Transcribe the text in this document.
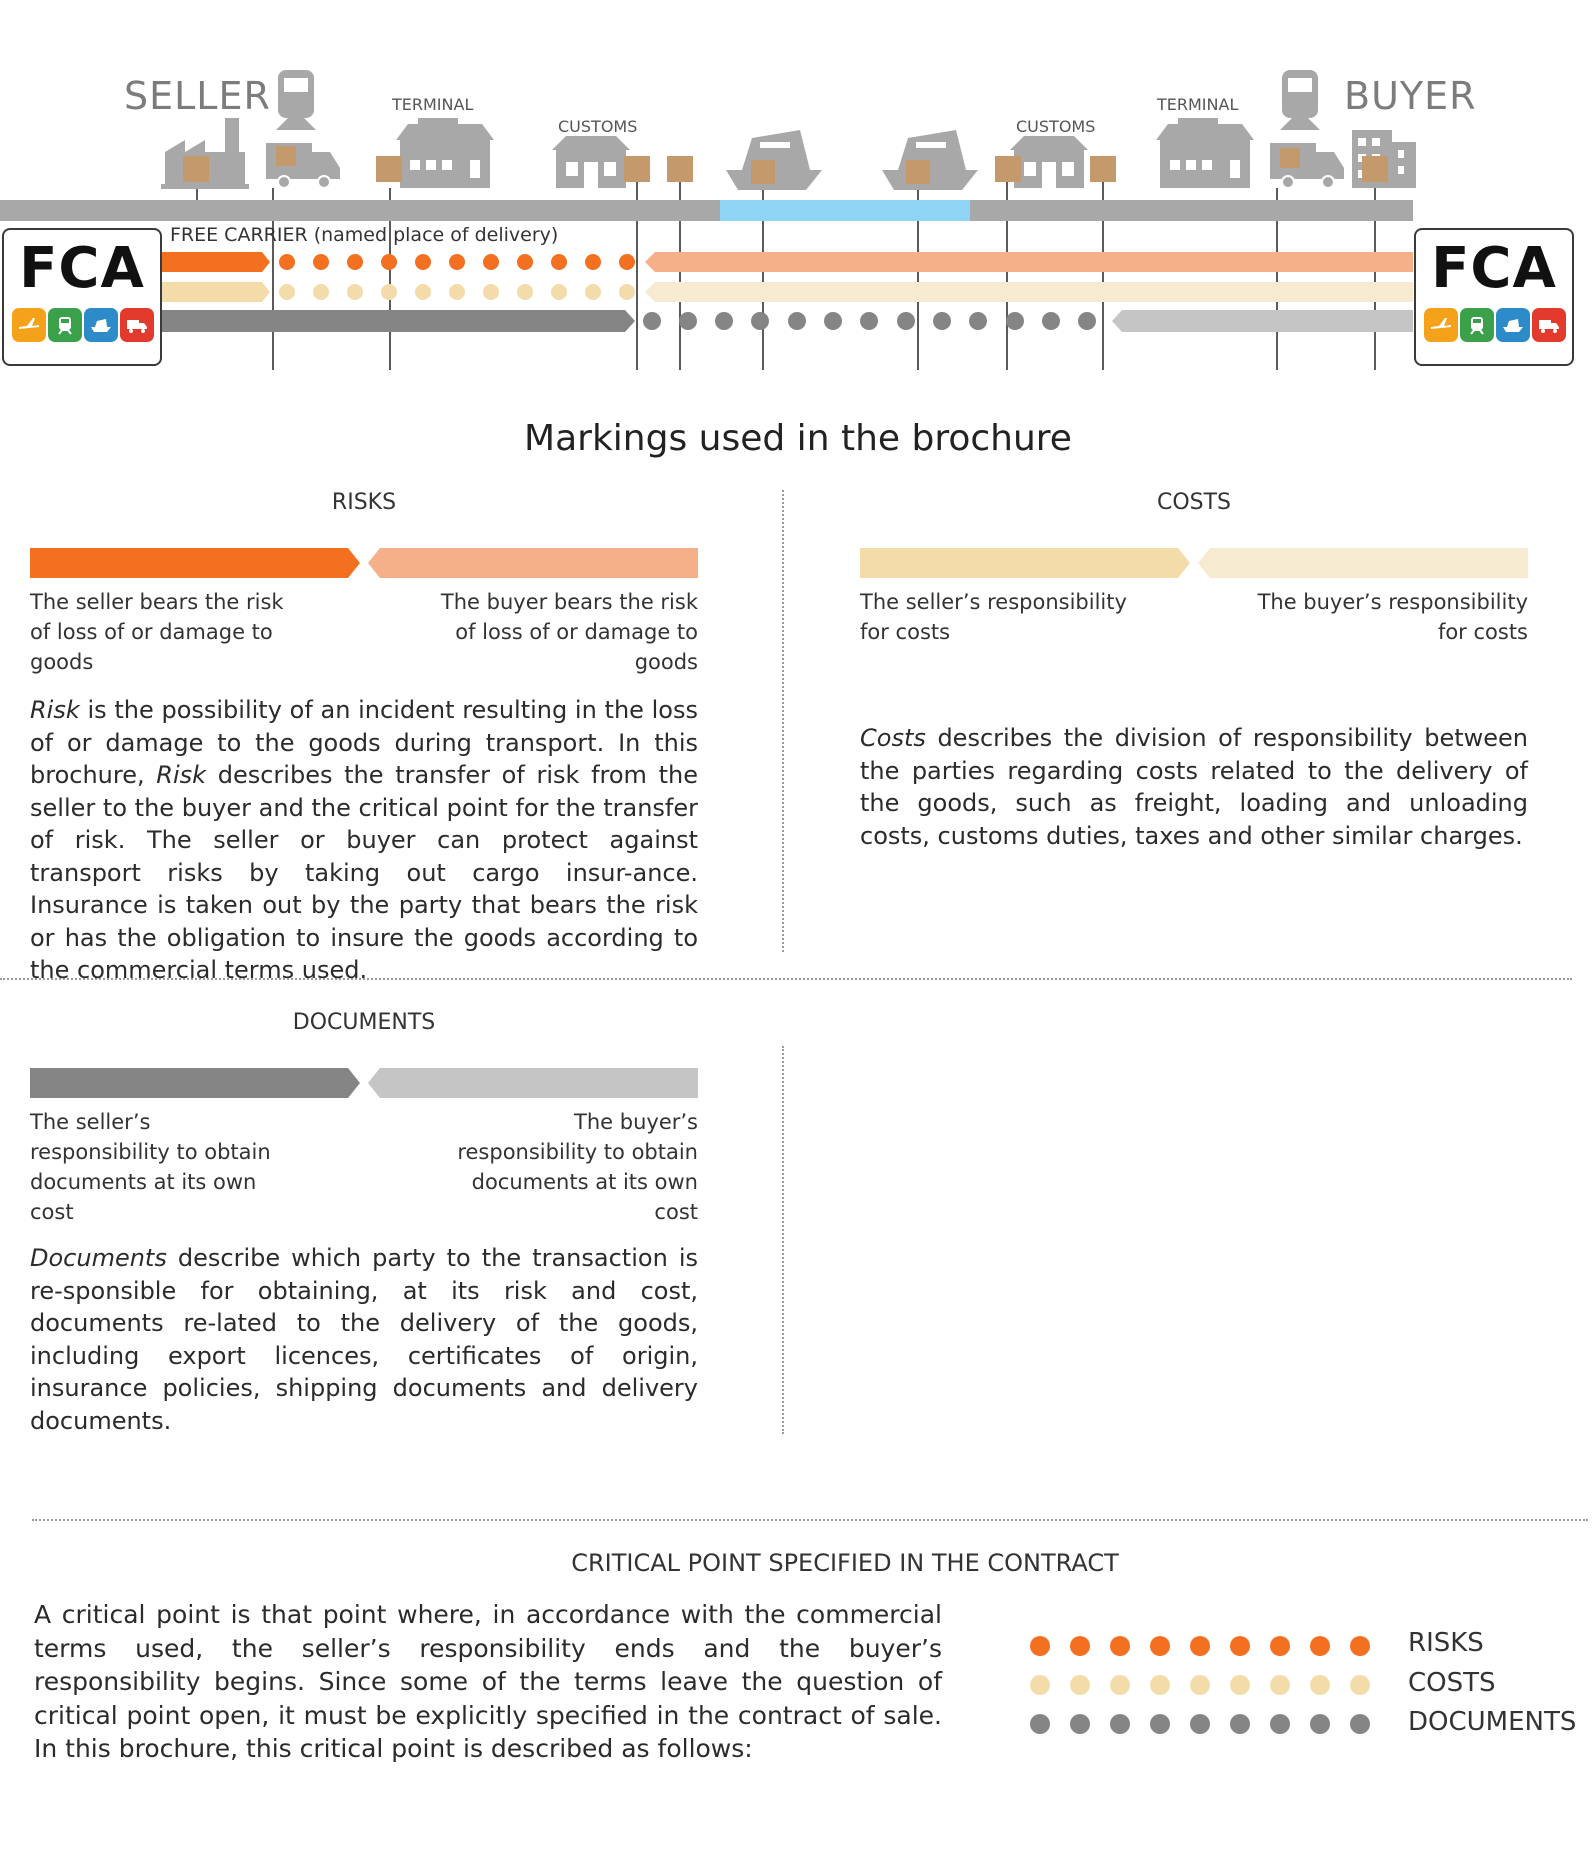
SELLER	BUYER
TERMINAL	TERMINAL
CUSTOMS	CUSTOMS
FREE CARRIER (named place of delivery)
FCA	FCA
Markings used in the brochure
RISKS
The seller bears the risk of loss of or damage to goods
The buyer bears the risk of loss of or damage to goods
Risk is the possibility of an incident resulting in the loss of or damage to the goods during transport. In this brochure, Risk describes the transfer of risk from the seller to the buyer and the critical point for the transfer of risk. The seller or buyer can protect against transport risks by taking out cargo insur-ance. Insurance is taken out by the party that bears the risk or has the obligation to insure the goods according to the commercial terms used.
COSTS
The seller’s responsibility for costs
The buyer’s responsibility for costs
Costs describes the division of responsibility between the parties regarding costs related to the delivery of the goods, such as freight, loading and unloading costs, customs duties, taxes and other similar charges.
DOCUMENTS
The seller’s responsibility to obtain documents at its own cost
The buyer’s responsibility to obtain documents at its own cost
Documents describe which party to the transaction is re-sponsible for obtaining, at its risk and cost, documents re-lated to the delivery of the goods, including export licences, certificates of origin, insurance policies, shipping documents and delivery documents.
CRITICAL POINT SPECIFIED IN THE CONTRACT
A critical point is that point where, in accordance with the commercial terms used, the seller’s responsibility ends and the buyer’s responsibility begins. Since some of the terms leave the question of critical point open, it must be explicitly specified in the contract of sale. In this brochure, this critical point is described as follows:
RISKS
COSTS
DOCUMENTS
